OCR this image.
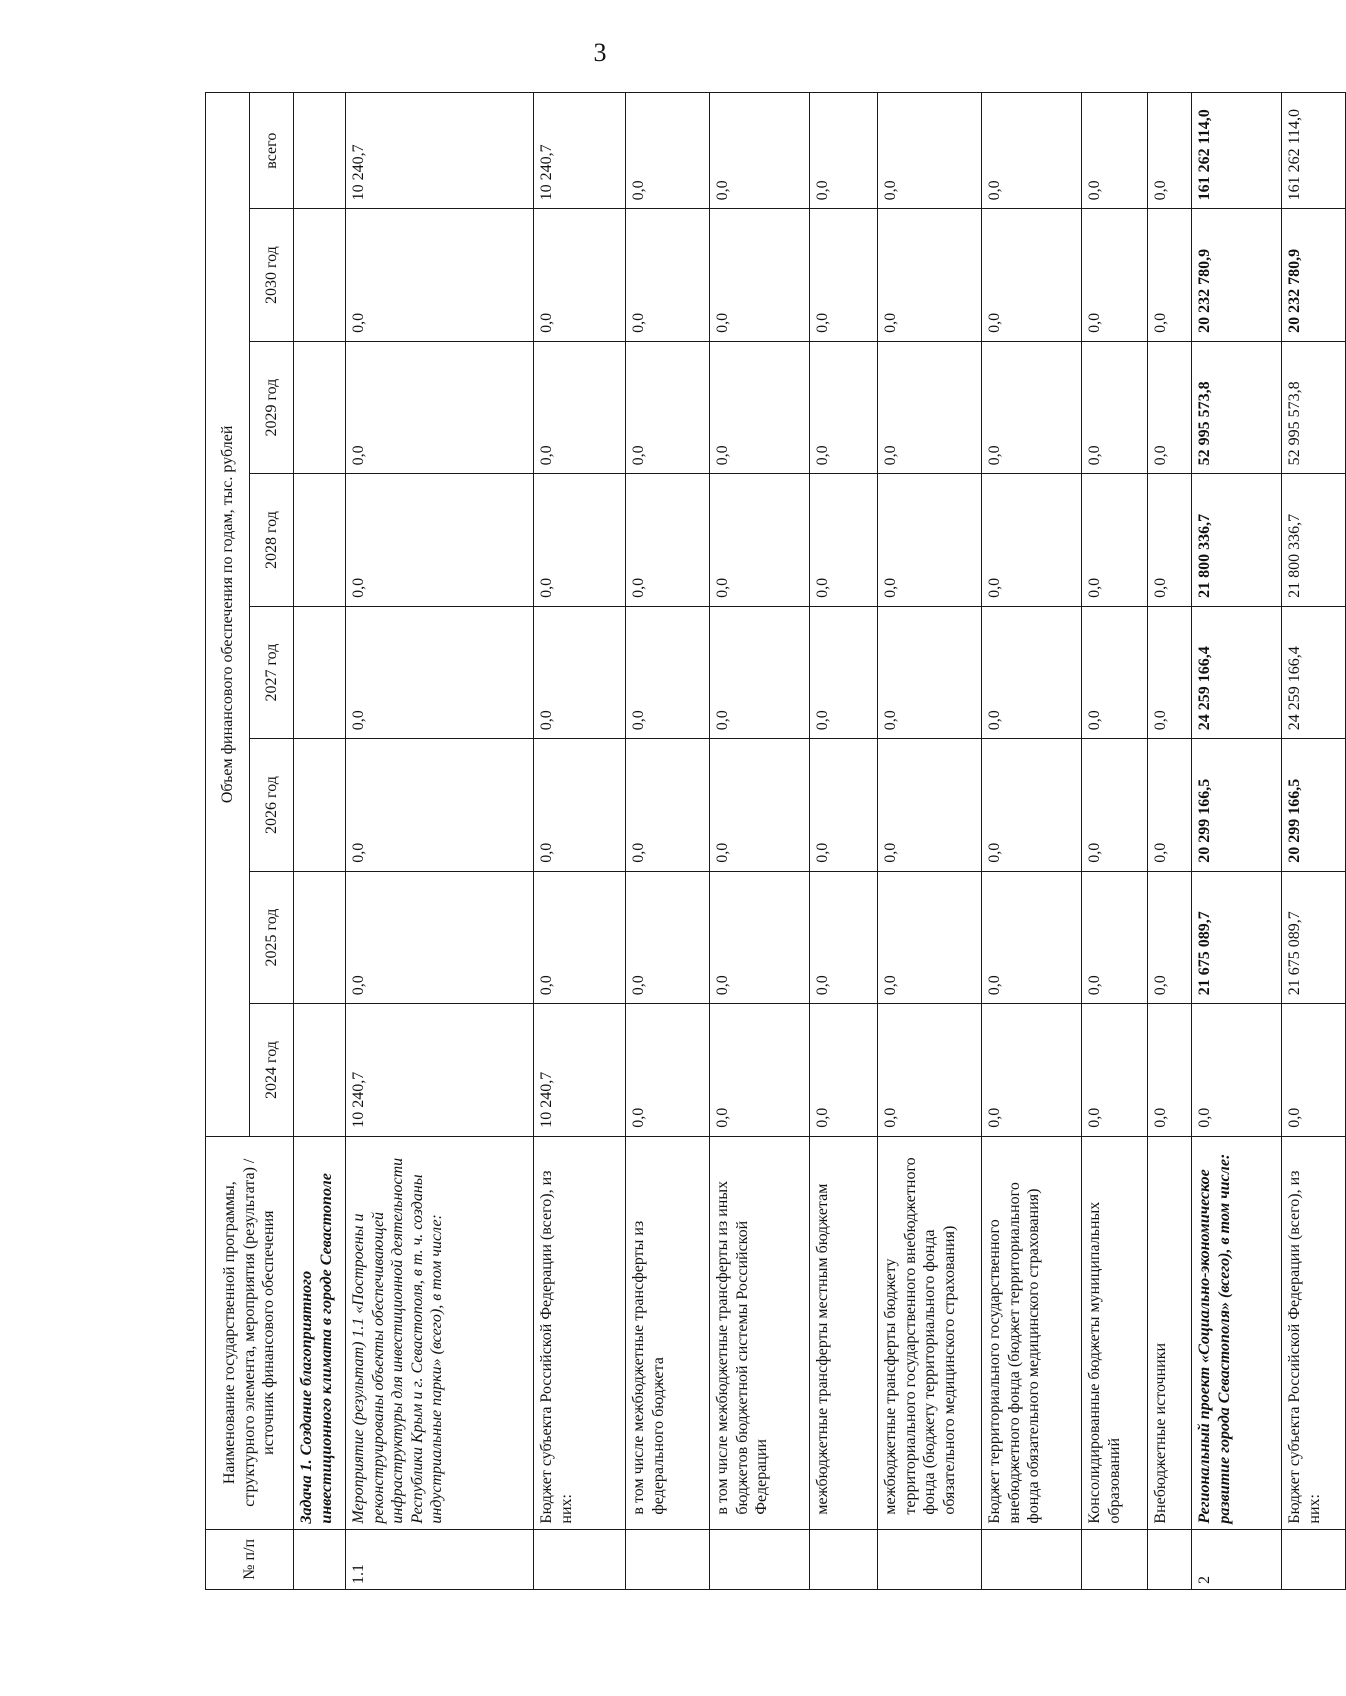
3
№ п/п	Наименование государственной программы, структурного элемента, мероприятия (результата) / источник финансового обеспечения	Объем финансового обеспечения по годам, тыс. рублей							
		2024 год	2025 год	2026 год	2027 год	2028 год	2029 год	2030 год	всего
	Задача 1. Создание благоприятного инвестиционного климата в городе Севастополе								
1.1	Мероприятие (результат) 1.1 «Построены и реконструированы объекты обеспечивающей инфраструктуры для инвестиционной деятельности Республики Крым и г. Севастополя, в т. ч. созданы индустриальные парки» (всего), в том числе:	10 240,7	0,0	0,0	0,0	0,0	0,0	0,0	10 240,7
	Бюджет субъекта Российской Федерации (всего), из них:	10 240,7	0,0	0,0	0,0	0,0	0,0	0,0	10 240,7
	в том числе межбюджетные трансферты из федерального бюджета	0,0	0,0	0,0	0,0	0,0	0,0	0,0	0,0
	в том числе межбюджетные трансферты из иных бюджетов бюджетной системы Российской Федерации	0,0	0,0	0,0	0,0	0,0	0,0	0,0	0,0
	межбюджетные трансферты местным бюджетам	0,0	0,0	0,0	0,0	0,0	0,0	0,0	0,0
	межбюджетные трансферты бюджету территориального государственного внебюджетного фонда (бюджету территориального фонда обязательного медицинского страхования)	0,0	0,0	0,0	0,0	0,0	0,0	0,0	0,0
	Бюджет территориального государственного внебюджетного фонда (бюджет территориального фонда обязательного медицинского страхования)	0,0	0,0	0,0	0,0	0,0	0,0	0,0	0,0
	Консолидированные бюджеты муниципальных образований	0,0	0,0	0,0	0,0	0,0	0,0	0,0	0,0
	Внебюджетные источники	0,0	0,0	0,0	0,0	0,0	0,0	0,0	0,0
2	Региональный проект «Социально-экономическое развитие города Севастополя» (всего), в том числе:	0,0	21 675 089,7	20 299 166,5	24 259 166,4	21 800 336,7	52 995 573,8	20 232 780,9	161 262 114,0
	Бюджет субъекта Российской Федерации (всего), из них:	0,0	21 675 089,7	20 299 166,5	24 259 166,4	21 800 336,7	52 995 573,8	20 232 780,9	161 262 114,0
